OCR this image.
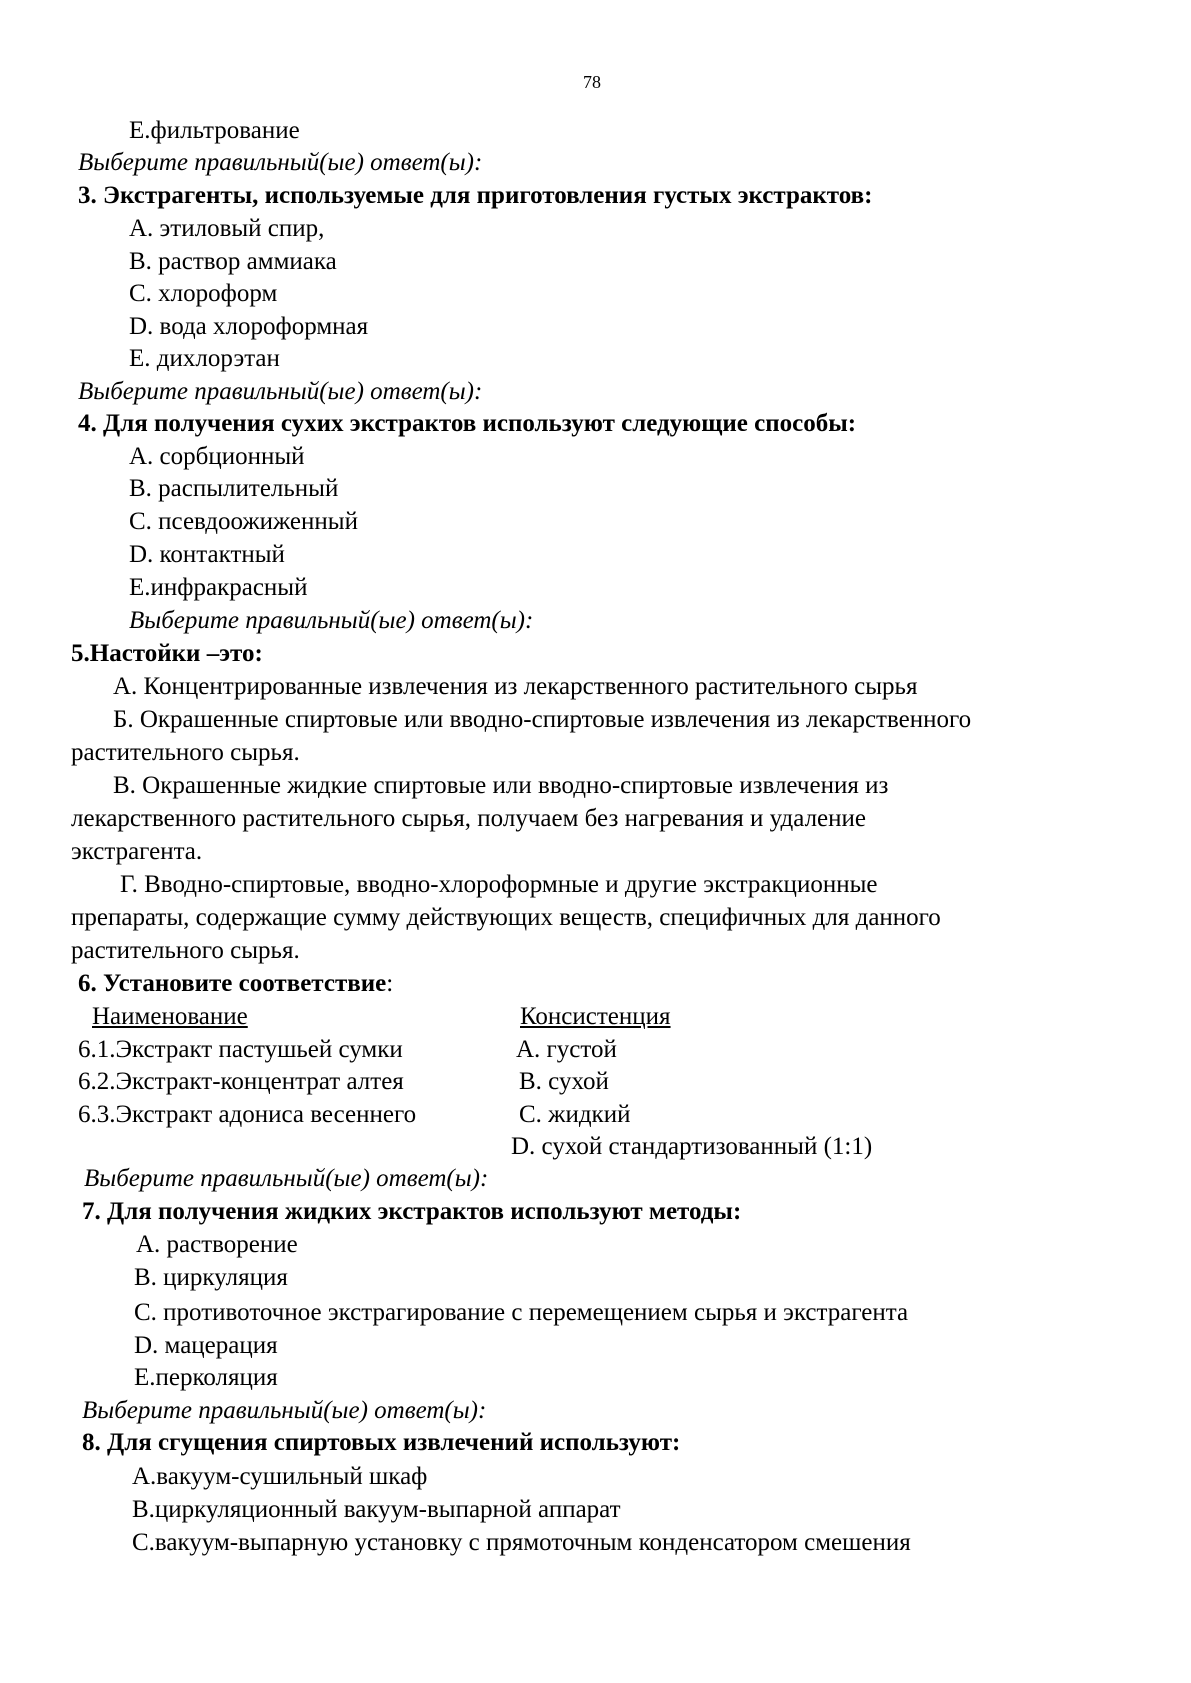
78
E.фильтрование
Выберите правильный(ые) ответ(ы):
3. Экстрагенты, используемые для приготовления густых экстрактов:
A. этиловый спир,
B. раствор аммиака
C. хлороформ
D. вода хлороформная
E. дихлорэтан
Выберите правильный(ые) ответ(ы):
4. Для получения сухих экстрактов используют следующие способы:
A. сорбционный
B. распылительный
C. псевдоожиженный
D. контактный
E.инфракрасный
Выберите правильный(ые) ответ(ы):
5.Настойки –это:
А. Концентрированные извлечения из лекарственного растительного сырья
Б. Окрашенные спиртовые или вводно-спиртовые извлечения из лекарственного
растительного сырья.
В. Окрашенные жидкие спиртовые или вводно-спиртовые извлечения из
лекарственного растительного сырья, получаем без нагревания и удаление
экстрагента.
Г. Вводно-спиртовые, вводно-хлороформные и другие экстракционные
препараты, содержащие сумму действующих веществ, специфичных для данного
растительного сырья.
6. Установите соответствие:
Наименование	Консистенция
6.1.Экстракт пастушьей сумки
6.2.Экстракт-концентрат алтея
6.3.Экстракт адониса весеннего
A. густой
B. сухой
C. жидкий
D. сухой стандартизованный (1:1)
Выберите правильный(ые) ответ(ы):
7. Для получения жидких экстрактов используют методы:
A. растворение
B. циркуляция
C. противоточное экстрагирование с перемещением сырья и экстрагента
D. мацерация
E.перколяция
Выберите правильный(ые) ответ(ы):
8. Для сгущения спиртовых извлечений используют:
A.вакуум-сушильный шкаф
B.циркуляционный вакуум-выпарной аппарат
C.вакуум-выпарную установку с прямоточным конденсатором смешения
